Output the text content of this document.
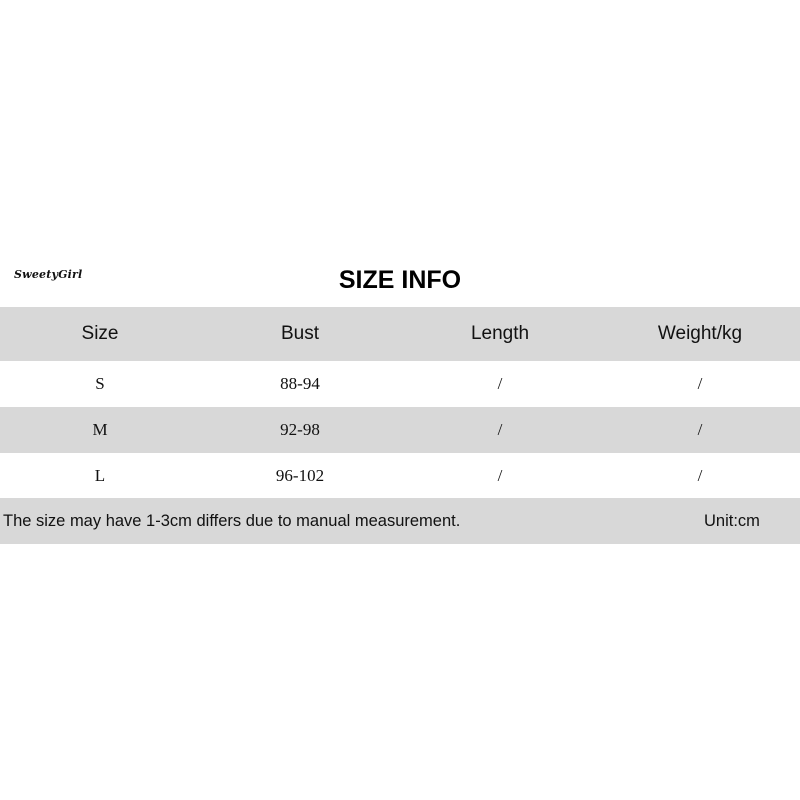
SweetyGirl	SIZE INFO
Size	Bust	Length	Weight/kg
S	88-94	/	/
M	92-98	/	/
L	96-102	/	/
The size may have 1-3cm differs due to manual measurement.	Unit:cm
